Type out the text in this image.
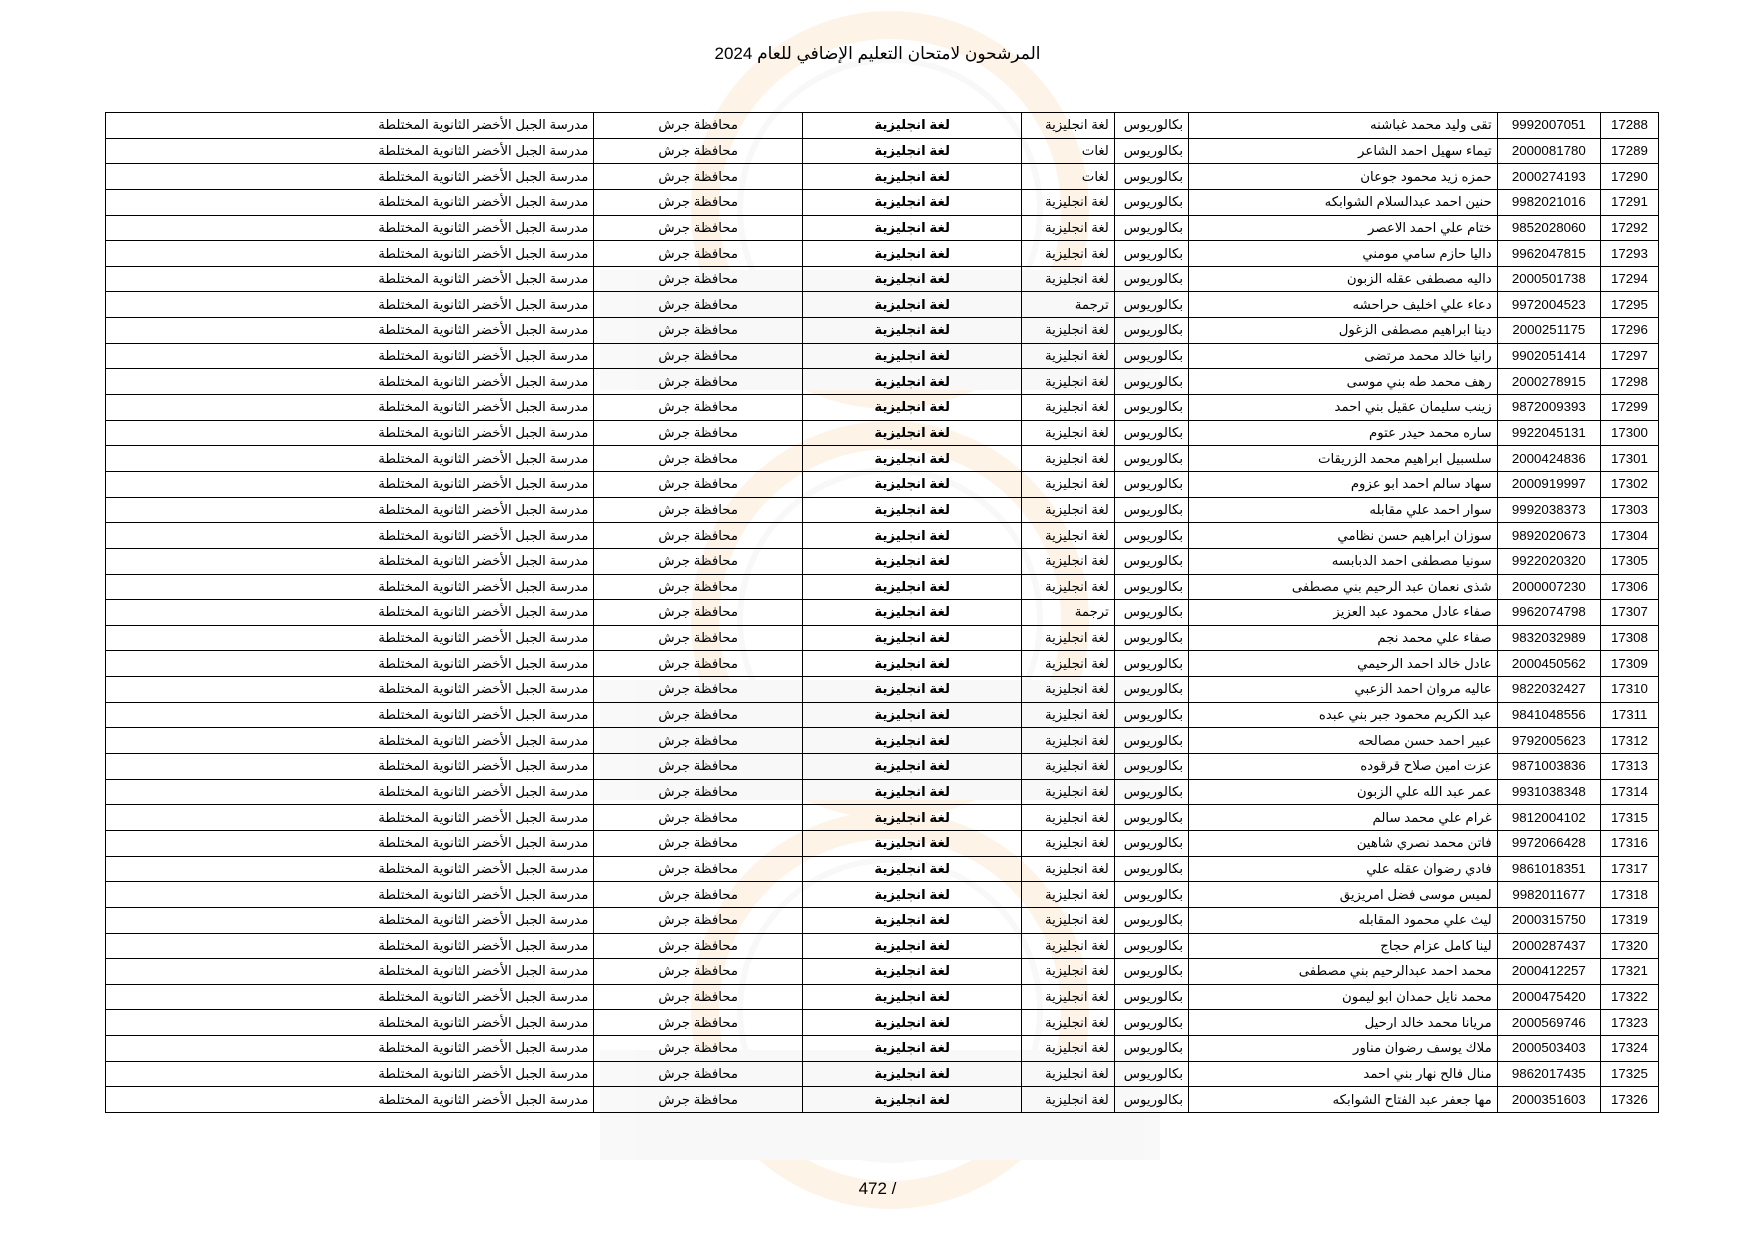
المرشحون لامتحان التعليم الإضافي للعام 2024
17288	9992007051	تقى وليد محمد غباشنه	بكالوريوس	لغة انجليزية	لغة انجليزية	محافظة جرش	مدرسة الجبل الأخضر الثانوية المختلطة
17289	2000081780	تيماء سهيل احمد الشاعر	بكالوريوس	لغات	لغة انجليزية	محافظة جرش	مدرسة الجبل الأخضر الثانوية المختلطة
17290	2000274193	حمزه زيد محمود جوعان	بكالوريوس	لغات	لغة انجليزية	محافظة جرش	مدرسة الجبل الأخضر الثانوية المختلطة
17291	9982021016	حنين احمد عبدالسلام الشوابكه	بكالوريوس	لغة انجليزية	لغة انجليزية	محافظة جرش	مدرسة الجبل الأخضر الثانوية المختلطة
17292	9852028060	ختام علي احمد الاعصر	بكالوريوس	لغة انجليزية	لغة انجليزية	محافظة جرش	مدرسة الجبل الأخضر الثانوية المختلطة
17293	9962047815	داليا حازم سامي مومني	بكالوريوس	لغة انجليزية	لغة انجليزية	محافظة جرش	مدرسة الجبل الأخضر الثانوية المختلطة
17294	2000501738	داليه مصطفى عقله الزبون	بكالوريوس	لغة انجليزية	لغة انجليزية	محافظة جرش	مدرسة الجبل الأخضر الثانوية المختلطة
17295	9972004523	دعاء علي اخليف حراحشه	بكالوريوس	ترجمة	لغة انجليزية	محافظة جرش	مدرسة الجبل الأخضر الثانوية المختلطة
17296	2000251175	دينا ابراهيم مصطفى الزغول	بكالوريوس	لغة انجليزية	لغة انجليزية	محافظة جرش	مدرسة الجبل الأخضر الثانوية المختلطة
17297	9902051414	رانيا خالد محمد مرتضى	بكالوريوس	لغة انجليزية	لغة انجليزية	محافظة جرش	مدرسة الجبل الأخضر الثانوية المختلطة
17298	2000278915	رهف محمد طه بني موسى	بكالوريوس	لغة انجليزية	لغة انجليزية	محافظة جرش	مدرسة الجبل الأخضر الثانوية المختلطة
17299	9872009393	زينب سليمان عقيل بني احمد	بكالوريوس	لغة انجليزية	لغة انجليزية	محافظة جرش	مدرسة الجبل الأخضر الثانوية المختلطة
17300	9922045131	ساره محمد حيدر عتوم	بكالوريوس	لغة انجليزية	لغة انجليزية	محافظة جرش	مدرسة الجبل الأخضر الثانوية المختلطة
17301	2000424836	سلسبيل ابراهيم محمد الزريقات	بكالوريوس	لغة انجليزية	لغة انجليزية	محافظة جرش	مدرسة الجبل الأخضر الثانوية المختلطة
17302	2000919997	سهاد سالم احمد ابو عزوم	بكالوريوس	لغة انجليزية	لغة انجليزية	محافظة جرش	مدرسة الجبل الأخضر الثانوية المختلطة
17303	9992038373	سوار احمد علي مقابله	بكالوريوس	لغة انجليزية	لغة انجليزية	محافظة جرش	مدرسة الجبل الأخضر الثانوية المختلطة
17304	9892020673	سوزان ابراهيم حسن نظامي	بكالوريوس	لغة انجليزية	لغة انجليزية	محافظة جرش	مدرسة الجبل الأخضر الثانوية المختلطة
17305	9922020320	سونيا مصطفى احمد الدبابسه	بكالوريوس	لغة انجليزية	لغة انجليزية	محافظة جرش	مدرسة الجبل الأخضر الثانوية المختلطة
17306	2000007230	شذى نعمان عبد الرحيم بني مصطفى	بكالوريوس	لغة انجليزية	لغة انجليزية	محافظة جرش	مدرسة الجبل الأخضر الثانوية المختلطة
17307	9962074798	صفاء عادل محمود عبد العزيز	بكالوريوس	ترجمة	لغة انجليزية	محافظة جرش	مدرسة الجبل الأخضر الثانوية المختلطة
17308	9832032989	صفاء علي محمد نجم	بكالوريوس	لغة انجليزية	لغة انجليزية	محافظة جرش	مدرسة الجبل الأخضر الثانوية المختلطة
17309	2000450562	عادل خالد احمد الرحيمي	بكالوريوس	لغة انجليزية	لغة انجليزية	محافظة جرش	مدرسة الجبل الأخضر الثانوية المختلطة
17310	9822032427	عاليه مروان احمد الزعبي	بكالوريوس	لغة انجليزية	لغة انجليزية	محافظة جرش	مدرسة الجبل الأخضر الثانوية المختلطة
17311	9841048556	عبد الكريم محمود جبر بني عبده	بكالوريوس	لغة انجليزية	لغة انجليزية	محافظة جرش	مدرسة الجبل الأخضر الثانوية المختلطة
17312	9792005623	عبير احمد حسن مصالحه	بكالوريوس	لغة انجليزية	لغة انجليزية	محافظة جرش	مدرسة الجبل الأخضر الثانوية المختلطة
17313	9871003836	عزت امين صلاح قرقوده	بكالوريوس	لغة انجليزية	لغة انجليزية	محافظة جرش	مدرسة الجبل الأخضر الثانوية المختلطة
17314	9931038348	عمر عبد الله علي الزبون	بكالوريوس	لغة انجليزية	لغة انجليزية	محافظة جرش	مدرسة الجبل الأخضر الثانوية المختلطة
17315	9812004102	غرام علي محمد سالم	بكالوريوس	لغة انجليزية	لغة انجليزية	محافظة جرش	مدرسة الجبل الأخضر الثانوية المختلطة
17316	9972066428	فاتن محمد نصري شاهين	بكالوريوس	لغة انجليزية	لغة انجليزية	محافظة جرش	مدرسة الجبل الأخضر الثانوية المختلطة
17317	9861018351	فادي رضوان عقله علي	بكالوريوس	لغة انجليزية	لغة انجليزية	محافظة جرش	مدرسة الجبل الأخضر الثانوية المختلطة
17318	9982011677	لميس موسى فضل امريزيق	بكالوريوس	لغة انجليزية	لغة انجليزية	محافظة جرش	مدرسة الجبل الأخضر الثانوية المختلطة
17319	2000315750	ليث علي محمود المقابله	بكالوريوس	لغة انجليزية	لغة انجليزية	محافظة جرش	مدرسة الجبل الأخضر الثانوية المختلطة
17320	2000287437	لينا كامل عزام حجاج	بكالوريوس	لغة انجليزية	لغة انجليزية	محافظة جرش	مدرسة الجبل الأخضر الثانوية المختلطة
17321	2000412257	محمد احمد عبدالرحيم بني مصطفى	بكالوريوس	لغة انجليزية	لغة انجليزية	محافظة جرش	مدرسة الجبل الأخضر الثانوية المختلطة
17322	2000475420	محمد نايل حمدان ابو ليمون	بكالوريوس	لغة انجليزية	لغة انجليزية	محافظة جرش	مدرسة الجبل الأخضر الثانوية المختلطة
17323	2000569746	مريانا محمد خالد ارحيل	بكالوريوس	لغة انجليزية	لغة انجليزية	محافظة جرش	مدرسة الجبل الأخضر الثانوية المختلطة
17324	2000503403	ملاك يوسف رضوان مناور	بكالوريوس	لغة انجليزية	لغة انجليزية	محافظة جرش	مدرسة الجبل الأخضر الثانوية المختلطة
17325	9862017435	منال فالح نهار بني احمد	بكالوريوس	لغة انجليزية	لغة انجليزية	محافظة جرش	مدرسة الجبل الأخضر الثانوية المختلطة
17326	2000351603	مها جعفر عبد الفتاح الشوابكه	بكالوريوس	لغة انجليزية	لغة انجليزية	محافظة جرش	مدرسة الجبل الأخضر الثانوية المختلطة
472 /
